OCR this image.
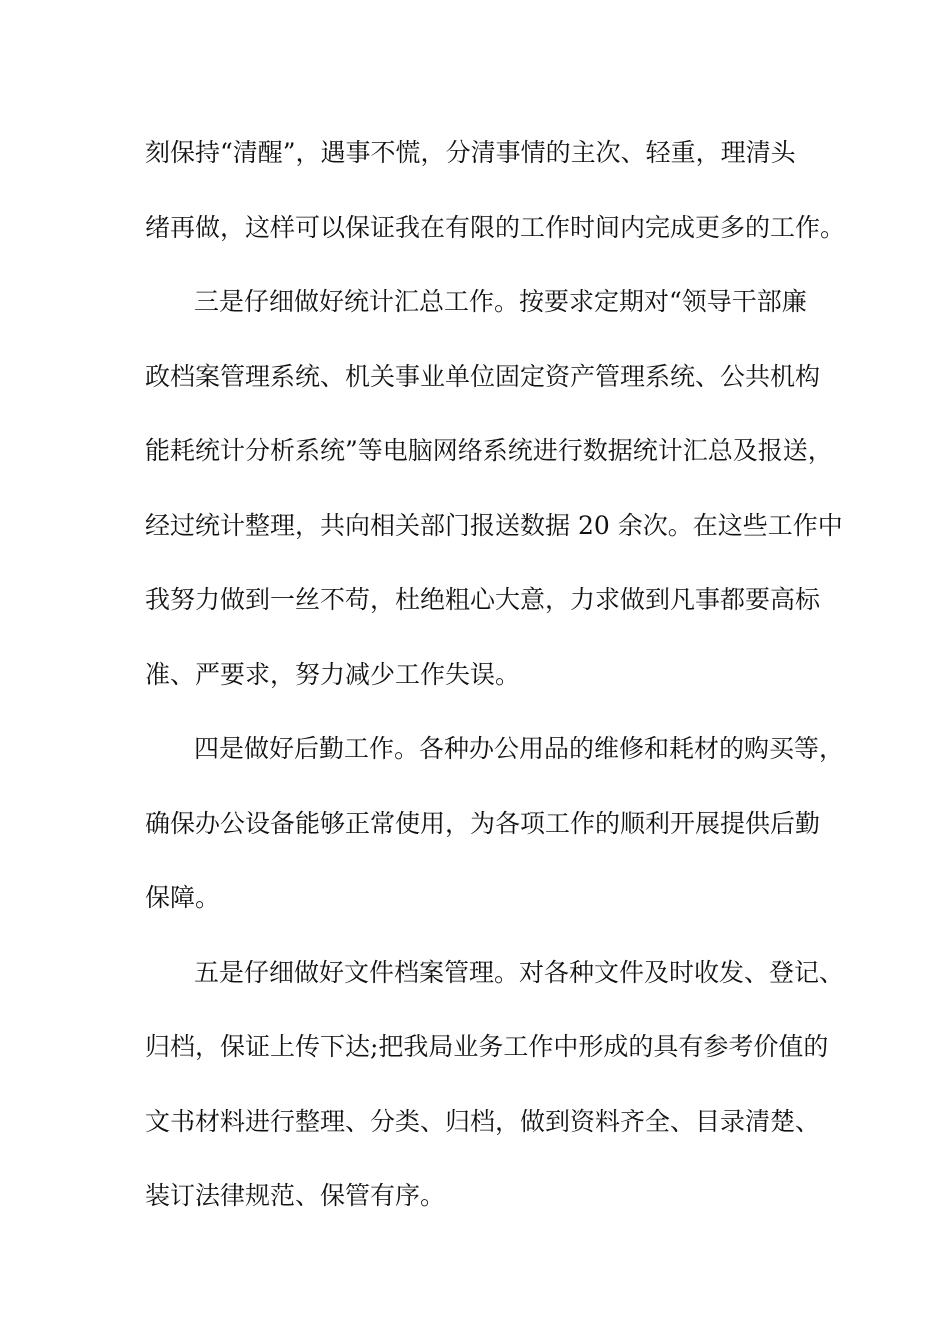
刻保持“清醒”，遇事不慌，分清事情的主次、轻重，理清头
绪再做，这样可以保证我在有限的工作时间内完成更多的工作。
三是仔细做好统计汇总工作。按要求定期对“领导干部廉
政档案管理系统、机关事业单位固定资产管理系统、公共机构
能耗统计分析系统”等电脑网络系统进行数据统计汇总及报送，
经过统计整理，共向相关部门报送数据 20 余次。在这些工作中
我努力做到一丝不苟，杜绝粗心大意，力求做到凡事都要高标
准、严要求，努力减少工作失误。
四是做好后勤工作。各种办公用品的维修和耗材的购买等，
确保办公设备能够正常使用，为各项工作的顺利开展提供后勤
保障。
五是仔细做好文件档案管理。对各种文件及时收发、登记、
归档，保证上传下达;把我局业务工作中形成的具有参考价值的
文书材料进行整理、分类、归档，做到资料齐全、目录清楚、
装订法律规范、保管有序。
